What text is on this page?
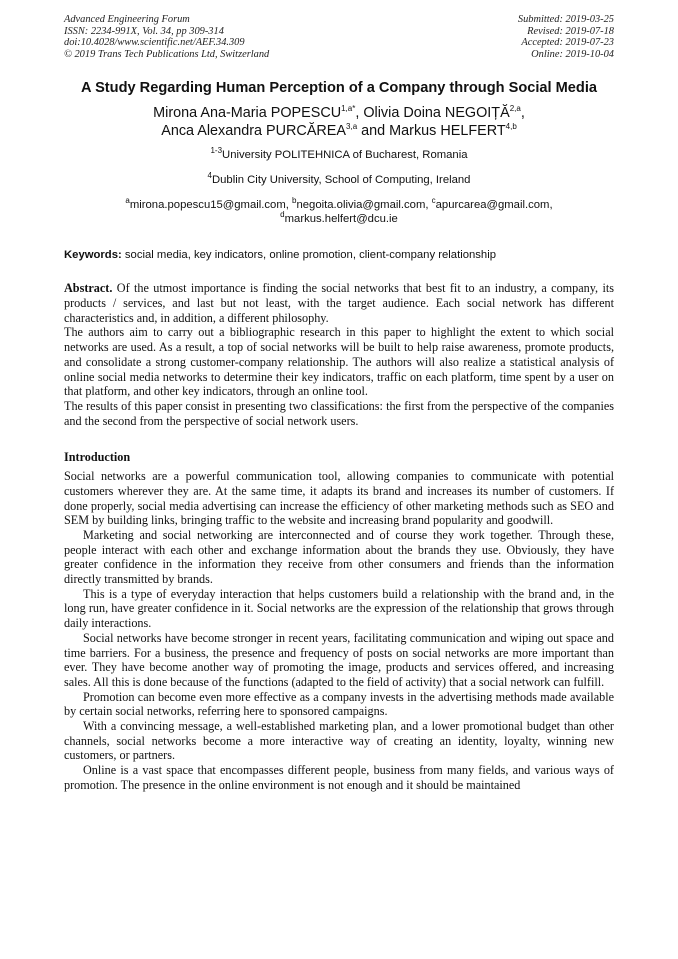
Advanced Engineering Forum
ISSN: 2234-991X, Vol. 34, pp 309-314
doi:10.4028/www.scientific.net/AEF.34.309
© 2019 Trans Tech Publications Ltd, Switzerland
Submitted: 2019-03-25
Revised: 2019-07-18
Accepted: 2019-07-23
Online: 2019-10-04
A Study Regarding Human Perception of a Company through Social Media
Mirona Ana-Maria $POPESCU^{1,a*}$, Olivia Doina NEGOIȚĂ$^{2,a}$,
Anca Alexandra PURCĂREA$^{3,a}$ and Markus HELFERT$^{4,b}$
$^{1-3}$University POLITEHNICA of Bucharest, Romania
$^4$Dublin City University, School of Computing, Ireland
$^a$mirona.popescu15@gmail.com, $^b$negoita.olivia@gmail.com, $^c$apurcarea@gmail.com,
$^d$markus.helfert@dcu.ie
Keywords: social media, key indicators, online promotion, client-company relationship

Abstract. Of the utmost importance is finding the social networks that best fit to an industry, a company, its products / services, and last but not least, with the target audience. Each social network has different characteristics and, in addition, a different philosophy.

The authors aim to carry out a bibliographic research in this paper to highlight the extent to which social networks are used. As a result, a top of social networks will be built to help raise awareness, promote products, and consolidate a strong customer-company relationship. The authors will also realize a statistical analysis of online social media networks to determine their key indicators, traffic on each platform, time spent by a user on that platform, and other key indicators, through an online tool.

The results of this paper consist in presenting two classifications: the first from the perspective of the companies and the second from the perspective of social network users.

Introduction

Social networks are a powerful communication tool, allowing companies to communicate with potential customers wherever they are. At the same time, it adapts its brand and increases its number of customers. If done properly, social media advertising can increase the efficiency of other marketing methods such as SEO and SEM by building links, bringing traffic to the website and increasing brand popularity and goodwill.

Marketing and social networking are interconnected and of course they work together. Through these, people interact with each other and exchange information about the brands they use. Obviously, they have greater confidence in the information they receive from other consumers and friends than the information directly transmitted by brands.

This is a type of everyday interaction that helps customers build a relationship with the brand and, in the long run, have greater confidence in it. Social networks are the expression of the relationship that grows through daily interactions.

Social networks have become stronger in recent years, facilitating communication and wiping out space and time barriers. For a business, the presence and frequency of posts on social networks are more important than ever. They have become another way of promoting the image, products and services offered, and increasing sales. All this is done because of the functions (adapted to the field of activity) that a social network can fulfill.

Promotion can become even more effective as a company invests in the advertising methods made available by certain social networks, referring here to sponsored campaigns.

With a convincing message, a well-established marketing plan, and a lower promotional budget than other channels, social networks become a more interactive way of creating an identity, loyalty, winning new customers, or partners.

Online is a vast space that encompasses different people, business from many fields, and various ways of promotion. The presence in the online environment is not enough and it should be maintained
